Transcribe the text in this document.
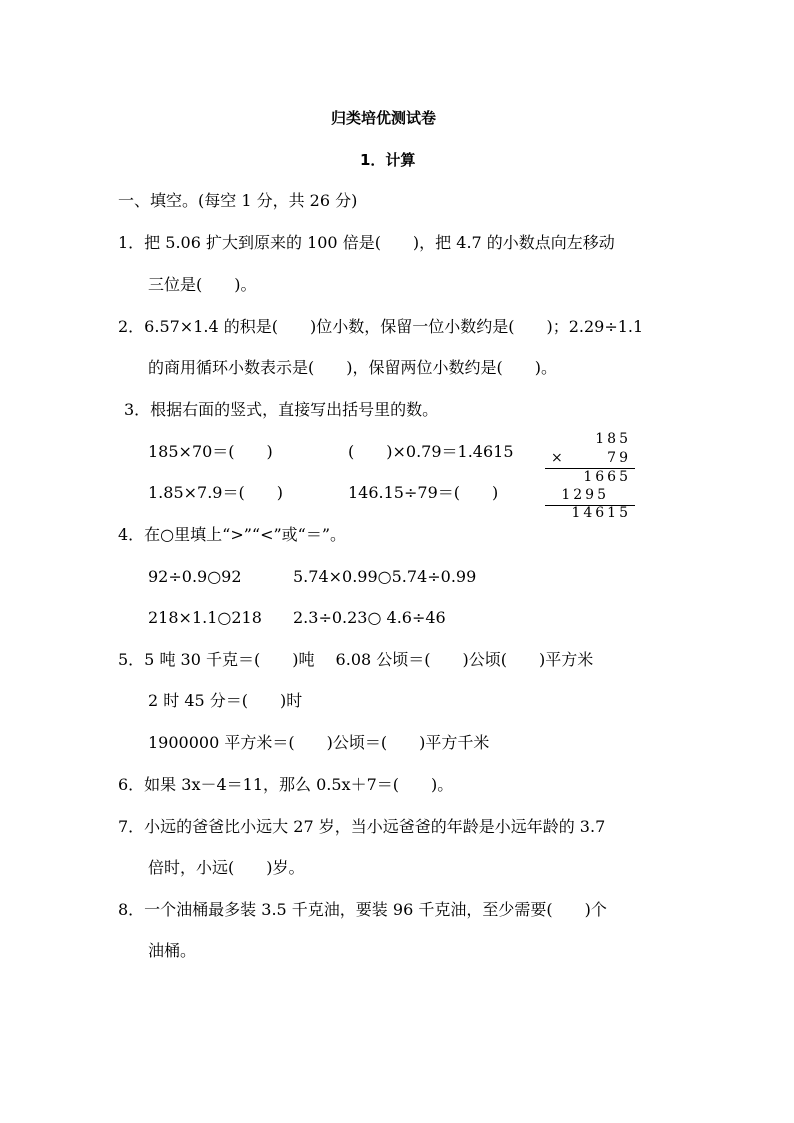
归类培优测试卷
1．计算
一、填空。(每空 1 分，共 26 分)
1．把 5.06 扩大到原来的 100 倍是(　　)，把 4.7 的小数点向左移动
三位是(　　)。
2．6.57×1.4 的积是(　　)位小数，保留一位小数约是(　　)；2.29÷1.1
的商用循环小数表示是(　　)，保留两位小数约是(　　)。
3．根据右面的竖式，直接写出括号里的数。
185×70＝(　　)	(　　)×0.79＝1.4615
1.85×7.9＝(　　)	146.15÷79＝(　　)
185
×	79
1665
1295
14615
4．在○里填上“>”“<”或“＝”。
92÷0.9○92	5.74×0.99○5.74÷0.99
218×1.1○218 2.3÷0.23○ 4.6÷46
5．5 吨 30 千克＝(　　)吨　 6.08 公顷＝(　　)公顷(　　)平方米
2 时 45 分＝(　　)时
1900000 平方米＝(　　)公顷＝(　　)平方千米
6．如果 3x－4＝11，那么 0.5x＋7＝(　　)。
7．小远的爸爸比小远大 27 岁，当小远爸爸的年龄是小远年龄的 3.7
倍时，小远(　　)岁。
8．一个油桶最多装 3.5 千克油，要装 96 千克油，至少需要(　　)个
油桶。
